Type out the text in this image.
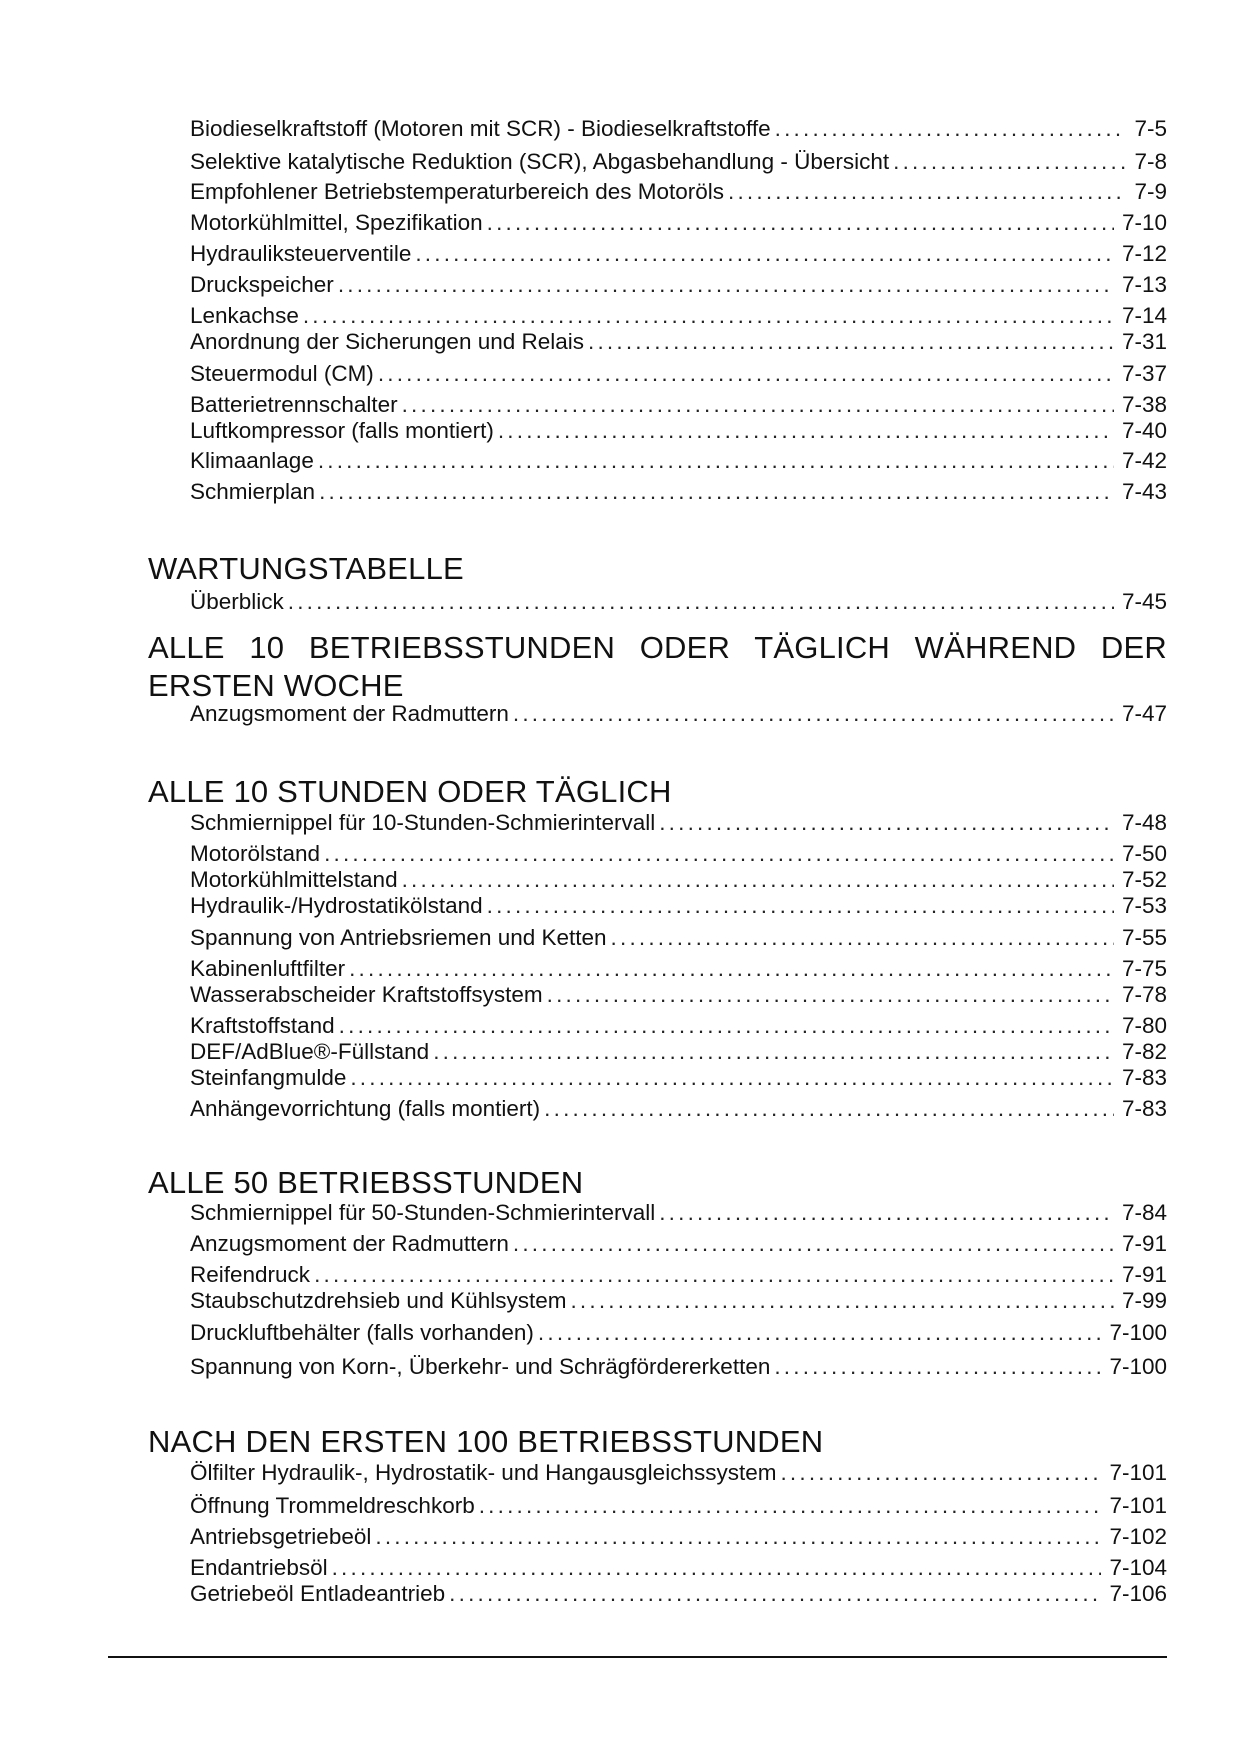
Biodieselkraftstoff (Motoren mit SCR) - Biodieselkraftstoffe .....	7-5
Selektive katalytische Reduktion (SCR), Abgasbehandlung - Übersicht .....	7-8
Empfohlener Betriebstemperaturbereich des Motoröls .....	7-9
Motorkühlmittel, Spezifikation .....	7-10
Hydrauliksteuerventile .....	7-12
Druckspeicher .....	7-13
Lenkachse .....	7-14
Anordnung der Sicherungen und Relais .....	7-31
Steuermodul (CM) .....	7-37
Batterietrennschalter .....	7-38
Luftkompressor (falls montiert) .....	7-40
Klimaanlage .....	7-42
Schmierplan .....	7-43
WARTUNGSTABELLE
Überblick .....	7-45
ALLE 10 BETRIEBSSTUNDEN ODER TÄGLICH WÄHREND DER ERSTEN WOCHE
Anzugsmoment der Radmuttern .....	7-47
ALLE 10 STUNDEN ODER TÄGLICH
Schmiernippel für 10-Stunden-Schmierintervall .....	7-48
Motorölstand .....	7-50
Motorkühlmittelstand .....	7-52
Hydraulik-/Hydrostatikölstand .....	7-53
Spannung von Antriebsriemen und Ketten .....	7-55
Kabinenluftfilter .....	7-75
Wasserabscheider Kraftstoffsystem .....	7-78
Kraftstoffstand .....	7-80
DEF/AdBlue®-Füllstand .....	7-82
Steinfangmulde .....	7-83
Anhängevorrichtung (falls montiert) .....	7-83
ALLE 50 BETRIEBSSTUNDEN
Schmiernippel für 50-Stunden-Schmierintervall .....	7-84
Anzugsmoment der Radmuttern .....	7-91
Reifendruck .....	7-91
Staubschutzdrehsieb und Kühlsystem .....	7-99
Druckluftbehälter (falls vorhanden) .....	7-100
Spannung von Korn-, Überkehr- und Schrägfördererketten .....	7-100
NACH DEN ERSTEN 100 BETRIEBSSTUNDEN
Ölfilter Hydraulik-, Hydrostatik- und Hangausgleichssystem .....	7-101
Öffnung Trommeldreschkorb .....	7-101
Antriebsgetriebeöl .....	7-102
Endantriebsöl .....	7-104
Getriebeöl Entladeantrieb .....	7-106
